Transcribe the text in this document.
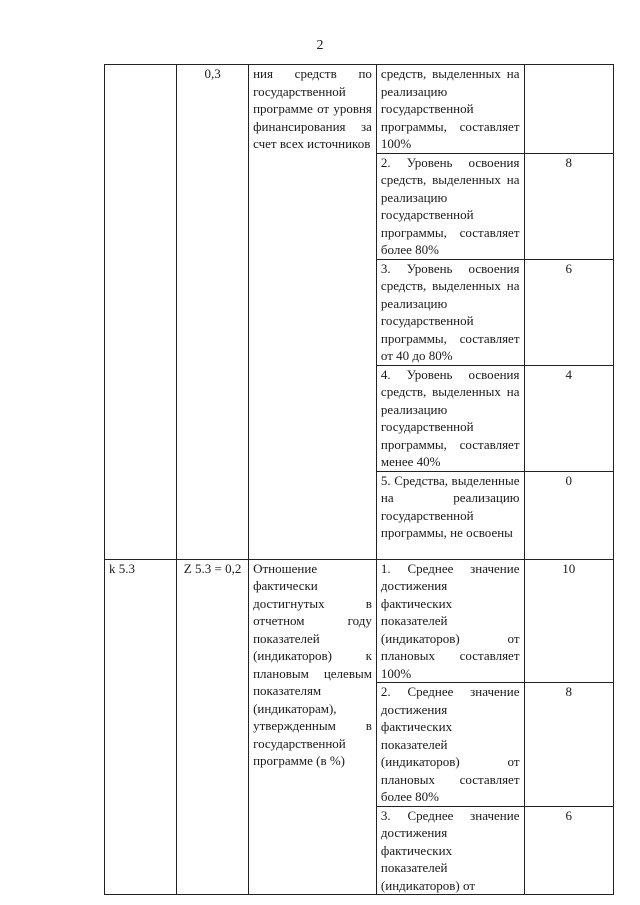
2
	0,3	ния средств по государственной программе от уровня финансирования за счет всех источников	средств, выделенных на реализацию государственной программы, составляет 100%	
			2. Уровень освоения средств, выделенных на реализацию государственной программы, составляет более 80%	8
			3. Уровень освоения средств, выделенных на реализацию государственной программы, составляет от 40 до 80%	6
			4. Уровень освоения средств, выделенных на реализацию государственной программы, составляет менее 40%	4
			5. Средства, выделенные на реализацию государственной программы, не освоены	0
k 5.3	Z 5.3 = 0,2	Отношение фактически достигнутых в отчетном году показателей (индикаторов) к плановым целевым показателям (индикаторам), утвержденным в государственной программе (в %)	1. Среднее значение достижения фактических показателей (индикаторов) от плановых составляет 100%	10
			2. Среднее значение достижения фактических показателей (индикаторов) от плановых составляет более 80%	8
			3. Среднее значение достижения фактических показателей (индикаторов) от	6
